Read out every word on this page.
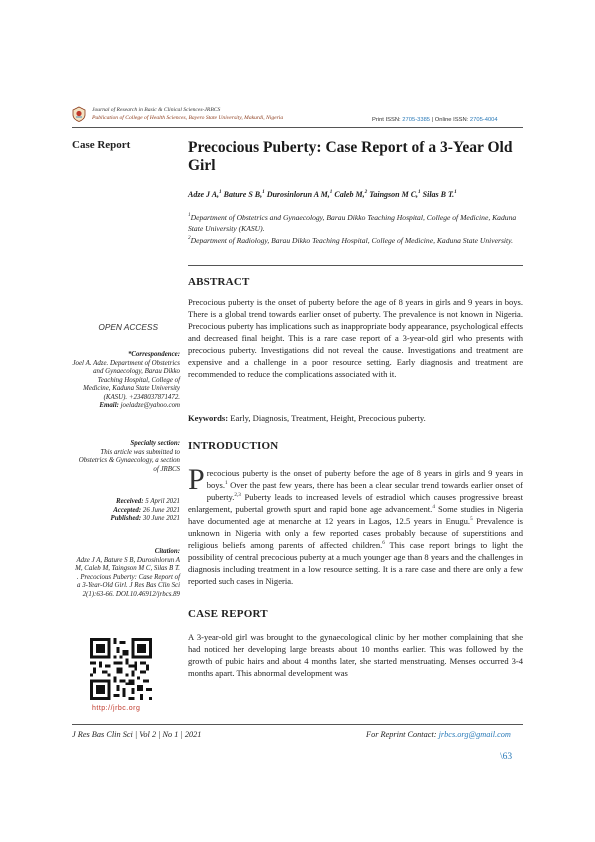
Journal of Research in Basic & Clinical Sciences-JRBCS
Publication of College of Health Sciences, Bayero State University, Makurdi, Nigeria	Print ISSN: 2705-3385 | Online ISSN: 2705-4004
Case Report	Precocious Puberty: Case Report of a 3-Year Old Girl
Adze J A,$^1$ Bature S B,$^1$ Durosinlorun A M,$^1$ Caleb M,$^2$ Taingson M C,$^1$ Silas B T.$^1$

$^1$Department of Obstetrics and Gynaecology, Barau Dikko Teaching Hospital, College of Medicine, Kaduna State University (KASU).

$^2$Department of Radiology, Barau Dikko Teaching Hospital, College of Medicine, Kaduna State University.

ABSTRACT
Precocious puberty is the onset of puberty before the age of 8 years in girls and 9 years in boys. There is a global trend towards earlier onset of puberty. The prevalence is not known in Nigeria. Precocious puberty has implications such as inappropriate body appearance, psychological effects and decreased final height. This is a rare case report of a 3-year-old girl who presents with precocious puberty. Investigations did not reveal the cause. Investigations and treatment are expensive and a challenge in a poor resource setting. Early diagnosis and treatment are recommended to reduce the complications associated with it.
Keywords: Early, Diagnosis, Treatment, Height, Precocious puberty.
INTRODUCTION
Precocious puberty is the onset of puberty before the age of 8 years in girls and 9 years in boys.$^1$ Over the past few years, there has been a clear secular trend towards earlier onset of puberty.$^{2,3}$ Puberty leads to increased levels of estradiol which causes progressive breast enlargement, pubertal growth spurt and rapid bone age advancement.$^4$ Some studies in Nigeria have documented age at menarche at 12 years in Lagos, 12.5 years in Enugu.$^5$ Prevalence is unknown in Nigeria with only a few reported cases probably because of superstitions and religious beliefs among parents of affected children.$^6$ This case report brings to light the possibility of central precocious puberty at a much younger age than 8 years and the challenges in diagnosis including treatment in a low resource setting. It is a rare case and there are only a few reported such cases in Nigeria.
CASE REPORT
A 3-year-old girl was brought to the gynaecological clinic by her mother complaining that she had noticed her developing large breasts about 10 months earlier. This was followed by the growth of pubic hairs and about 4 months later, she started menstruating. Menses occurred 3-4 months apart. This abnormal development was
OPEN ACCESS
*Correspondence:
Joel A. Adze. Department of Obstetrics and Gynaecology, Barau Dikko Teaching Hospital, College of Medicine, Kaduna State University (KASU). +2348037871472.
Email: joeladze@yahoo.com
Specialty section:
This article was submitted to Obstetrics & Gynaecology, a section of JRBCS
Received: 5 April 2021
Accepted: 26 June 2021
Published: 30 June 2021
Citation:
Adze J A, Bature S B, Durosinlorun A M, Caleb M, Taingson M C, Silas B T. . Precocious Puberty: Case Report of a 3-Year-Old Girl. J Res Bas Clin Sci 2(1):63-66. DOI.10.46912/jrbcs.89
http://jrbc.org
J Res Bas Clin Sci | Vol 2 | No 1 | 2021	For Reprint Contact: jrbcs.org@gmail.com
\63
